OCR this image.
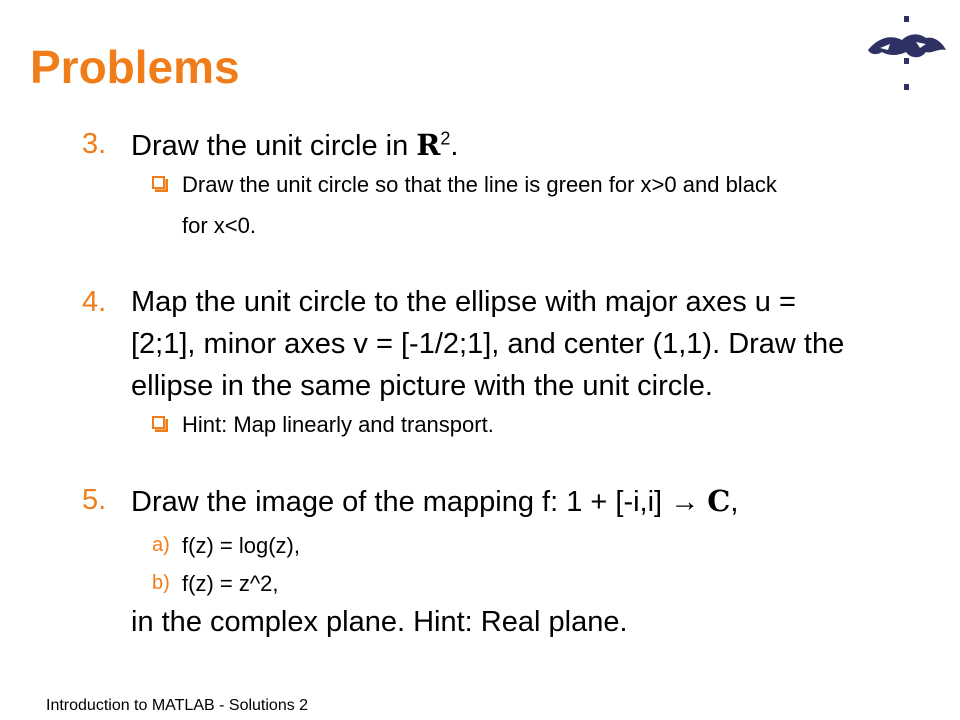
Problems
3. Draw the unit circle in $R^2$.
Draw the unit circle so that the line is green for x>0 and black
for x<0.
4. Map the unit circle to the ellipse with major axes u =
[2;1], minor axes v = [-1/2;1], and center (1,1). Draw the
ellipse in the same picture with the unit circle.
Hint: Map linearly and transport.
5. Draw the image of the mapping f: 1 + [-i,i] → C,
a) f(z) = log(z),
b) f(z) = z^2,
in the complex plane. Hint: Real plane.
Introduction to MATLAB - Solutions 2
